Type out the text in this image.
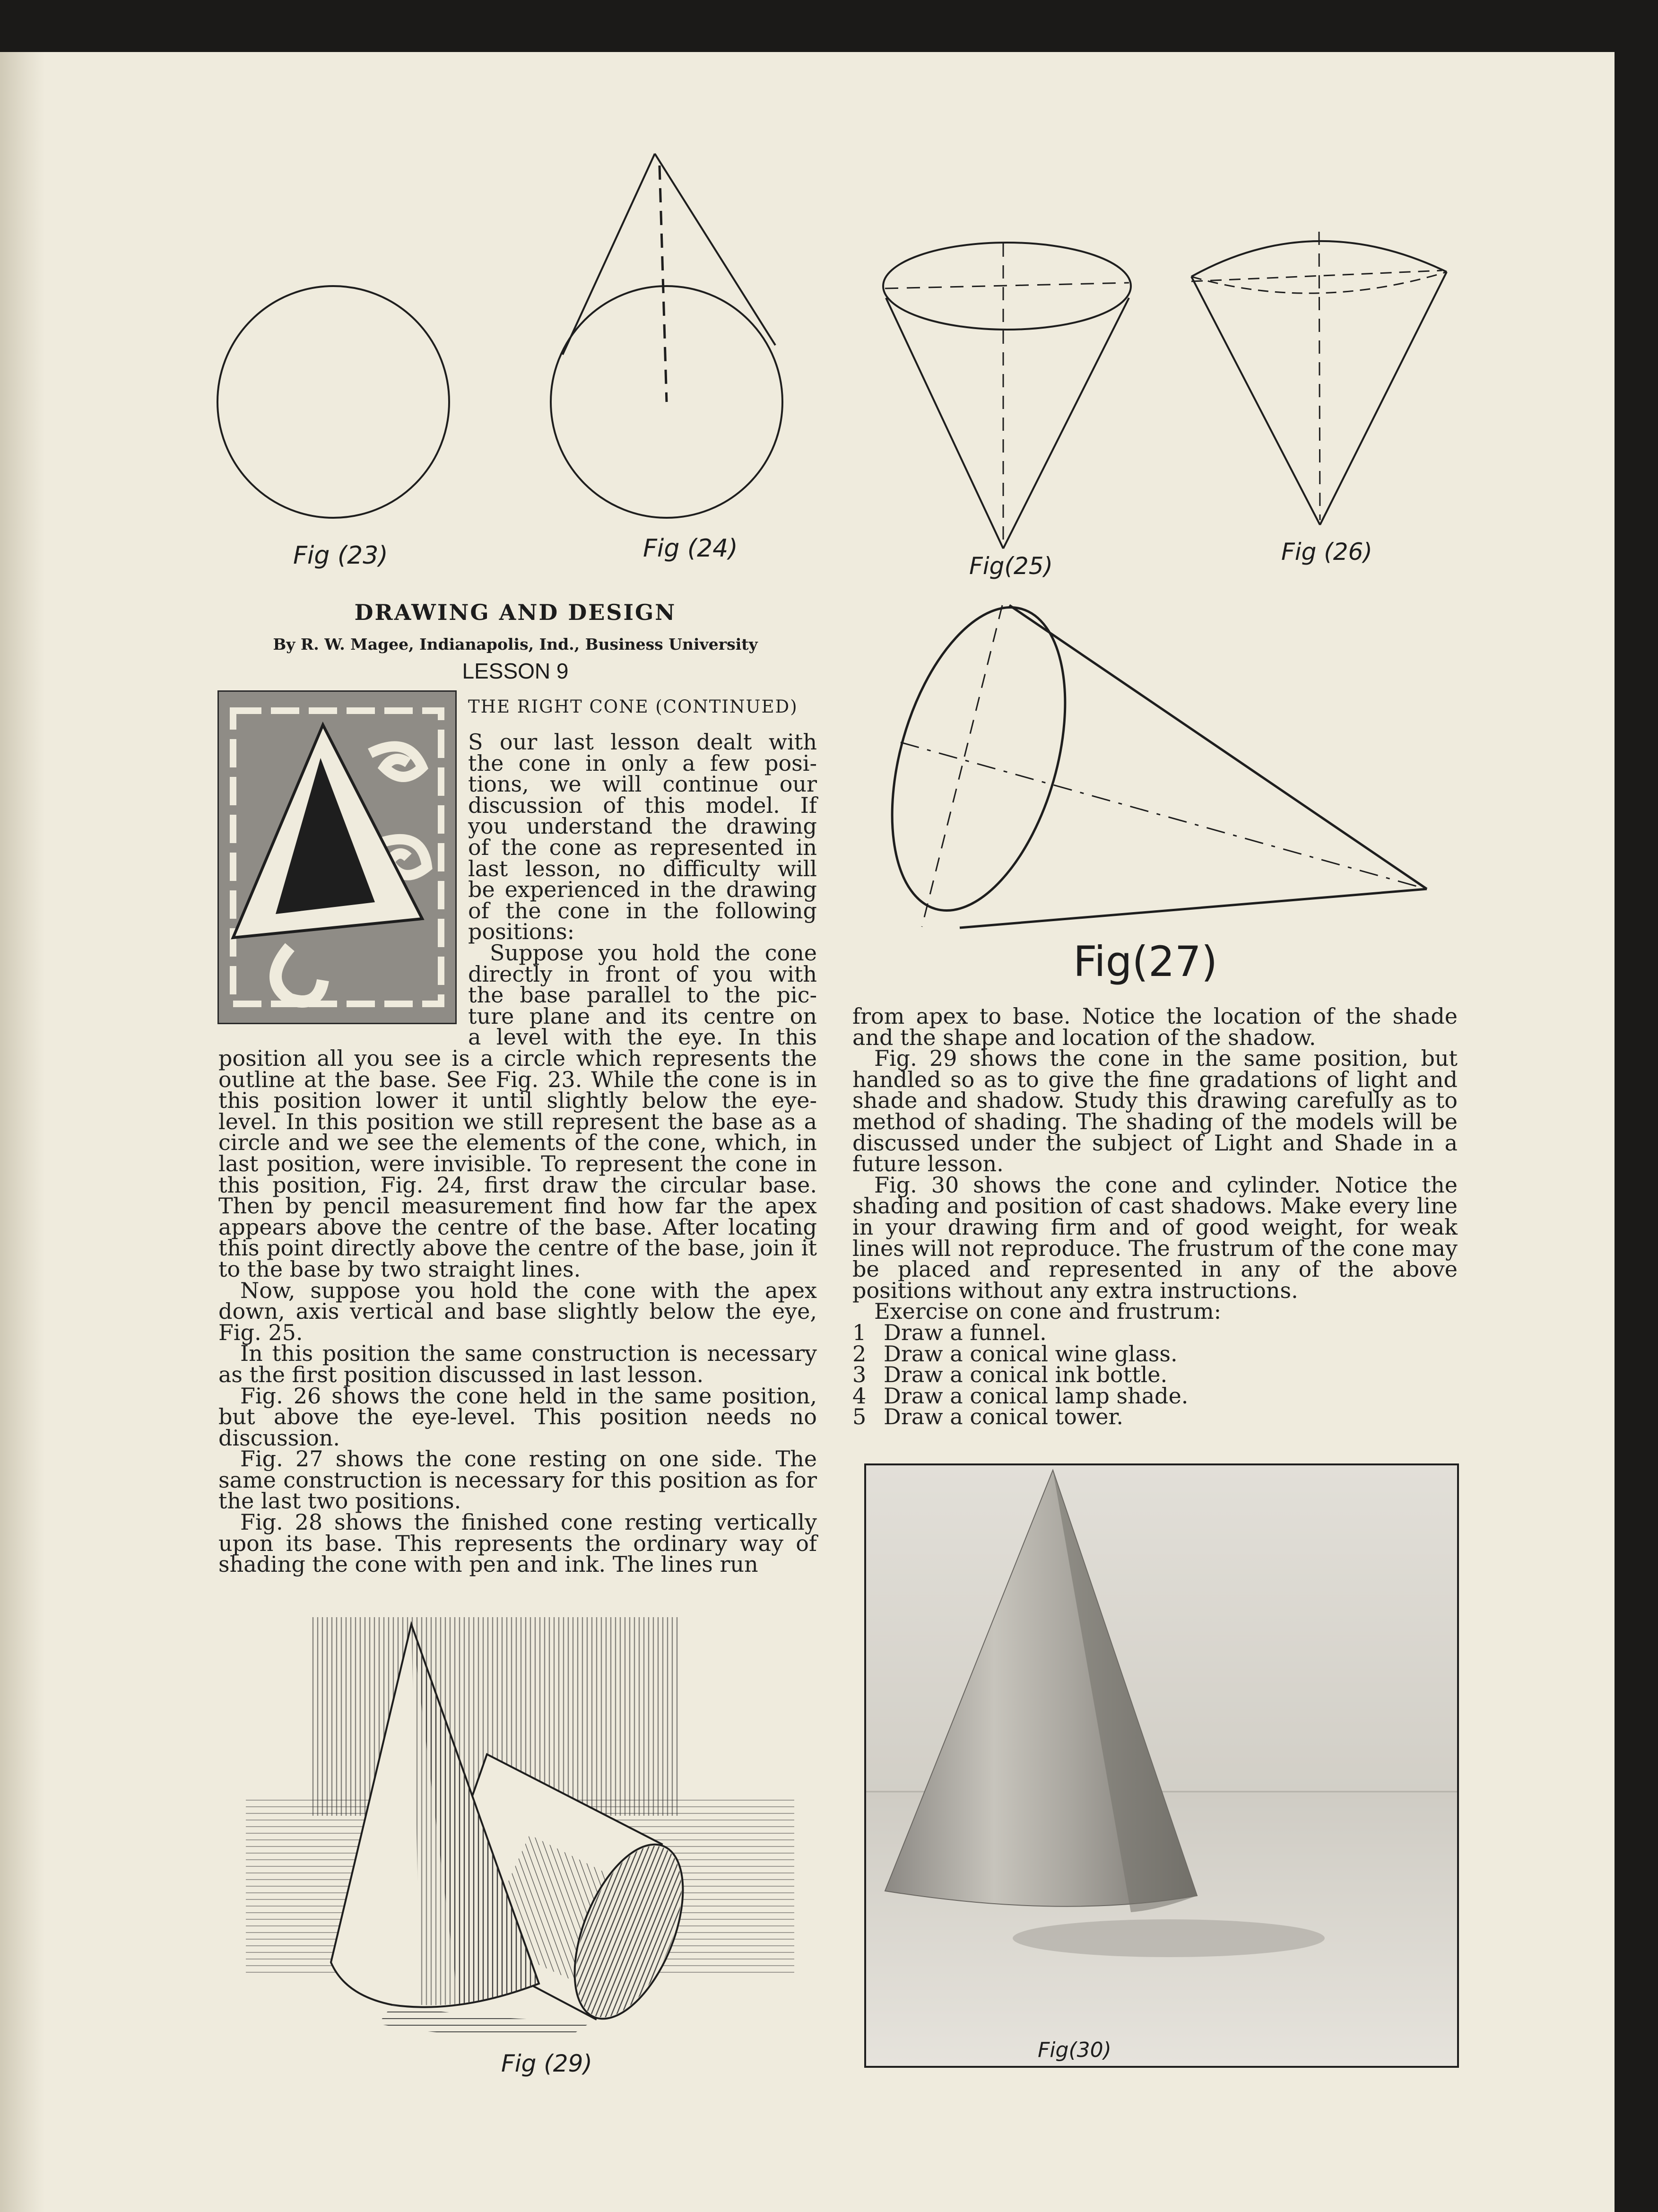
Fig (23)	Fig (24)
Fig(25)
Fig (26)
Fig(27)
DRAWING AND DESIGN
By R. W. Magee, Indianapolis, Ind., Business University
LESSON 9
THE RIGHT CONE (CONTINUED)
S our last lesson dealt with
the cone in only a few posi-
tions, we will continue our
discussion of this model. If
you understand the drawing
of the cone as represented in
last lesson, no difficulty will
be experienced in the drawing
of the cone in the following
positions:
Suppose you hold the cone
directly in front of you with
the base parallel to the pic-
ture plane and its centre on
a level with the eye. In this

position all you see is a circle which represents the outline at the base. See Fig. 23. While the cone is in this position lower it until slightly below the eye-level. In this position we still represent the base as a circle and we see the elements of the cone, which, in last position, were invisible. To represent the cone in this position, Fig. 24, first draw the circular base. Then by pencil measurement find how far the apex appears above the centre of the base. After locating this point directly above the centre of the base, join it to the base by two straight lines.

Now, suppose you hold the cone with the apex down, axis vertical and base slightly below the eye, Fig. 25.

In this position the same construction is necessary as the first position discussed in last lesson.

Fig. 26 shows the cone held in the same position, but above the eye-level. This position needs no discussion.

Fig. 27 shows the cone resting on one side. The same construction is necessary for this position as for the last two positions.

Fig. 28 shows the finished cone resting vertically upon its base. This represents the ordinary way of shading the cone with pen and ink. The lines run

from apex to base. Notice the location of the shade and the shape and location of the shadow.

Fig. 29 shows the cone in the same position, but handled so as to give the fine gradations of light and shade and shadow. Study this drawing carefully as to method of shading. The shading of the models will be discussed under the subject of Light and Shade in a future lesson.

Fig. 30 shows the cone and cylinder. Notice the shading and position of cast shadows. Make every line in your drawing firm and of good weight, for weak lines will not reproduce. The frustrum of the cone may be placed and represented in any of the above positions without any extra instructions.

Exercise on cone and frustrum:

1 Draw a funnel.
2 Draw a conical wine glass.
3 Draw a conical ink bottle.
4 Draw a conical lamp shade.
5 Draw a conical tower.
Fig (29)	Fig(30)
